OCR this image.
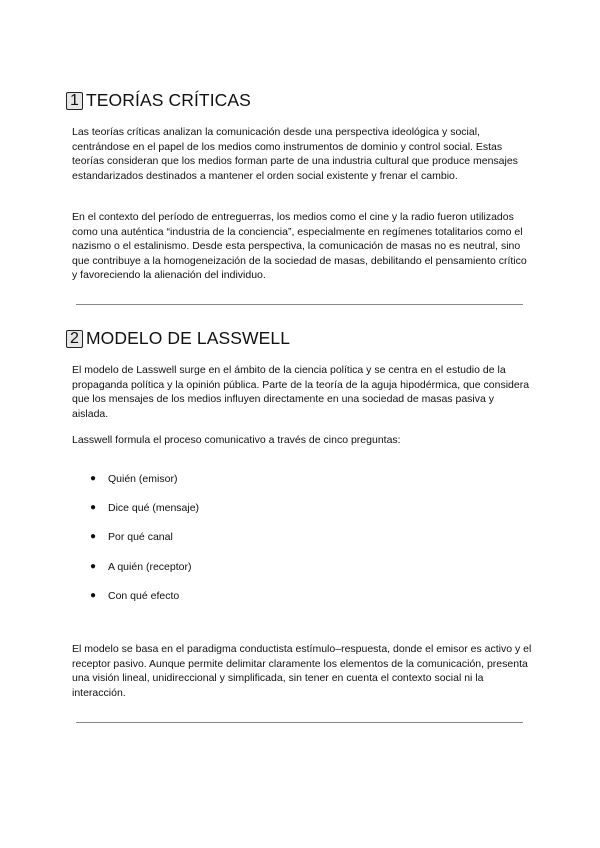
1 TEORÍAS CRÍTICAS

Las teorías críticas analizan la comunicación desde una perspectiva ideológica y social, centrándose en el papel de los medios como instrumentos de dominio y control social. Estas teorías consideran que los medios forman parte de una industria cultural que produce mensajes estandarizados destinados a mantener el orden social existente y frenar el cambio.

En el contexto del período de entreguerras, los medios como el cine y la radio fueron utilizados como una auténtica “industria de la conciencia”, especialmente en regímenes totalitarios como el nazismo o el estalinismo. Desde esta perspectiva, la comunicación de masas no es neutral, sino que contribuye a la homogeneización de la sociedad de masas, debilitando el pensamiento crítico y favoreciendo la alienación del individuo.

2 MODELO DE LASSWELL

El modelo de Lasswell surge en el ámbito de la ciencia política y se centra en el estudio de la propaganda política y la opinión pública. Parte de la teoría de la aguja hipodérmica, que considera que los mensajes de los medios influyen directamente en una sociedad de masas pasiva y aislada.

Lasswell formula el proceso comunicativo a través de cinco preguntas:

●	Quién (emisor)
●	Dice qué (mensaje)
●	Por qué canal
●	A quién (receptor)
●	Con qué efecto

El modelo se basa en el paradigma conductista estímulo–respuesta, donde el emisor es activo y el receptor pasivo. Aunque permite delimitar claramente los elementos de la comunicación, presenta una visión lineal, unidireccional y simplificada, sin tener en cuenta el contexto social ni la interacción.
